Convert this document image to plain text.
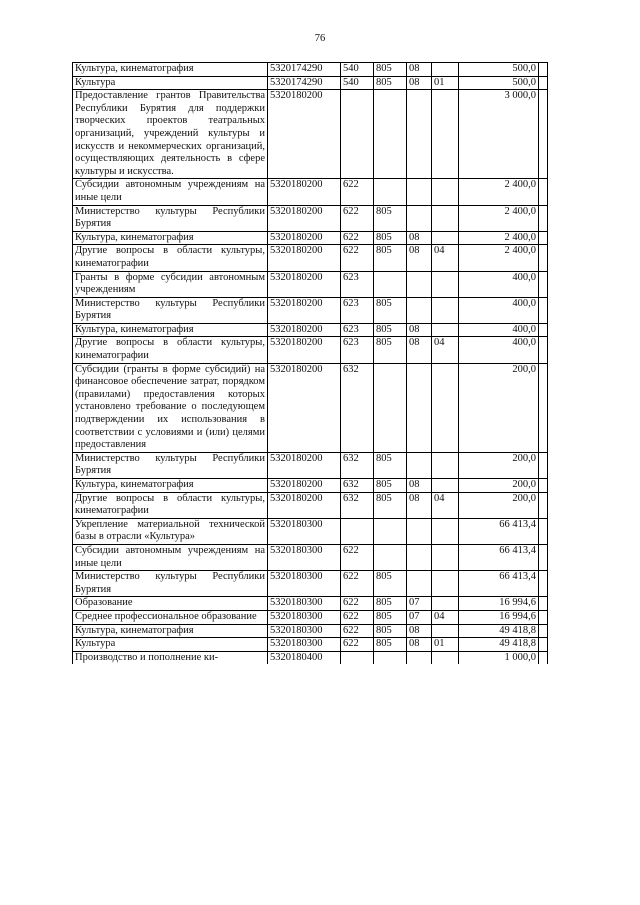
76
Культура, кинематография	5320174290	540	805	08		500,0	
Культура	5320174290	540	805	08	01	500,0	
Предоставление грантов Правительства Республики Бурятия для поддержки творческих проектов театральных организаций, учреждений культуры и искусств и некоммерческих организаций, осуществляющих деятельность в сфере культуры и искусства.	5320180200					3 000,0	
Субсидии автономным учреждениям на иные цели	5320180200	622				2 400,0	
Министерство культуры Республики Бурятия	5320180200	622	805			2 400,0	
Культура, кинематография	5320180200	622	805	08		2 400,0	
Другие вопросы в области культуры, кинематографии	5320180200	622	805	08	04	2 400,0	
Гранты в форме субсидии автономным учреждениям	5320180200	623				400,0	
Министерство культуры Республики Бурятия	5320180200	623	805			400,0	
Культура, кинематография	5320180200	623	805	08		400,0	
Другие вопросы в области культуры, кинематографии	5320180200	623	805	08	04	400,0	
Субсидии (гранты в форме субсидий) на финансовое обеспечение затрат, порядком (правилами) предоставления которых установлено требование о последующем подтверждении их использования в соответствии с условиями и (или) целями предоставления	5320180200	632				200,0	
Министерство культуры Республики Бурятия	5320180200	632	805			200,0	
Культура, кинематография	5320180200	632	805	08		200,0	
Другие вопросы в области культуры, кинематографии	5320180200	632	805	08	04	200,0	
Укрепление материальной технической базы в отрасли «Культура»	5320180300					66 413,4	
Субсидии автономным учреждениям на иные цели	5320180300	622				66 413,4	
Министерство культуры Республики Бурятия	5320180300	622	805			66 413,4	
Образование	5320180300	622	805	07		16 994,6	
Среднее профессиональное образование	5320180300	622	805	07	04	16 994,6	
Культура, кинематография	5320180300	622	805	08		49 418,8	
Культура	5320180300	622	805	08	01	49 418,8	
Производство и пополнение ки-	5320180400					1 000,0	
